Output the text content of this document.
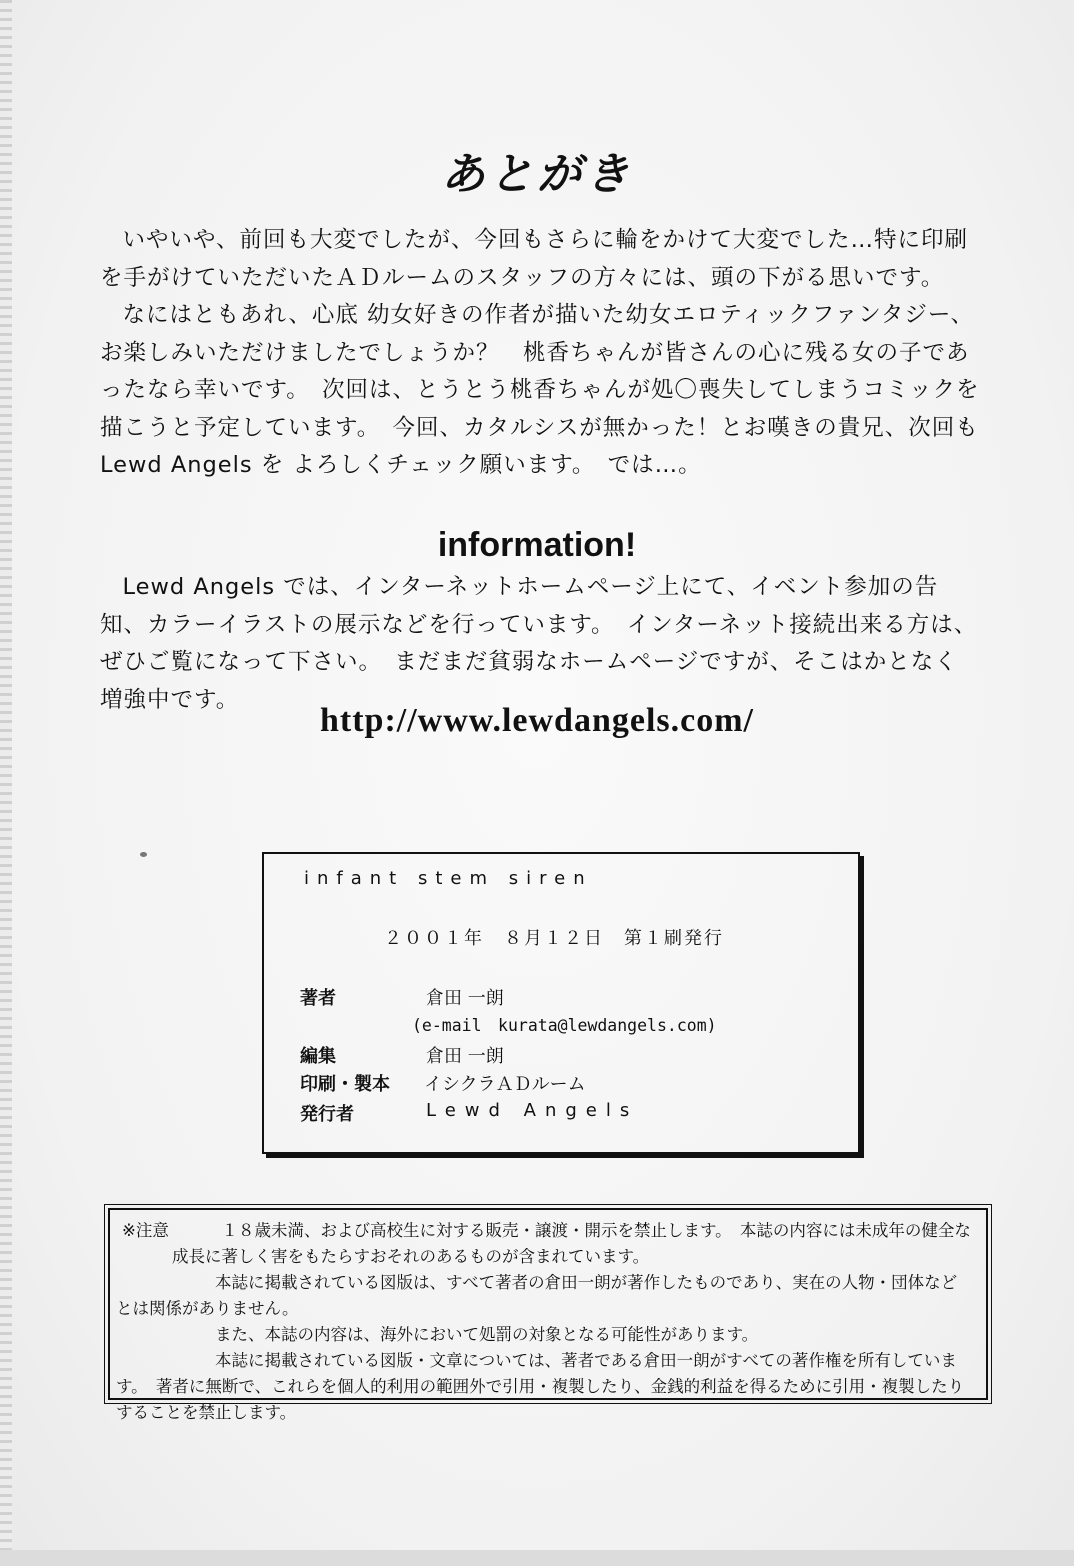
あとがき

いやいや、前回も大変でしたが、今回もさらに輪をかけて大変でした…特に印刷を手がけていただいたＡＤルームのスタッフの方々には、頭の下がる思いです。

なにはともあれ、心底 幼女好きの作者が描いた幼女エロティックファンタジー、お楽しみいただけましたでしょうか？　桃香ちゃんが皆さんの心に残る女の子であったなら幸いです。　次回は、とうとう桃香ちゃんが処〇喪失してしまうコミックを描こうと予定しています。　今回、カタルシスが無かった！とお嘆きの貴兄、次回も Lewd Angels を よろしくチェック願います。　では…。

information!

Lewd Angels では、インターネットホームページ上にて、イベント参加の告知、カラーイラストの展示などを行っています。　インターネット接続出来る方は、ぜひご覧になって下さい。　まだまだ貧弱なホームページですが、そこはかとなく増強中です。

http://www.lewdangels.com/
infant stem siren
２００１年　８月１２日　第１刷発行
著者	倉田 一朗
(e-mail　kurata@lewdangels.com)
編集	倉田 一朗
印刷・製本 イシクラＡＤルーム
発行者	Lewd Angels
※注意	１８歳未満、および高校生に対する販売・譲渡・開示を禁止します。　本誌の内容には未成年の健全な成長に著しく害をもたらすおそれのあるものが含まれています。

本誌に掲載されている図版は、すべて著者の倉田一朗が著作したものであり、実在の人物・団体などとは関係がありません。

また、本誌の内容は、海外において処罰の対象となる可能性があります。

本誌に掲載されている図版・文章については、著者である倉田一朗がすべての著作権を所有しています。　著者に無断で、これらを個人的利用の範囲外で引用・複製したり、金銭的利益を得るために引用・複製したりすることを禁止します。
